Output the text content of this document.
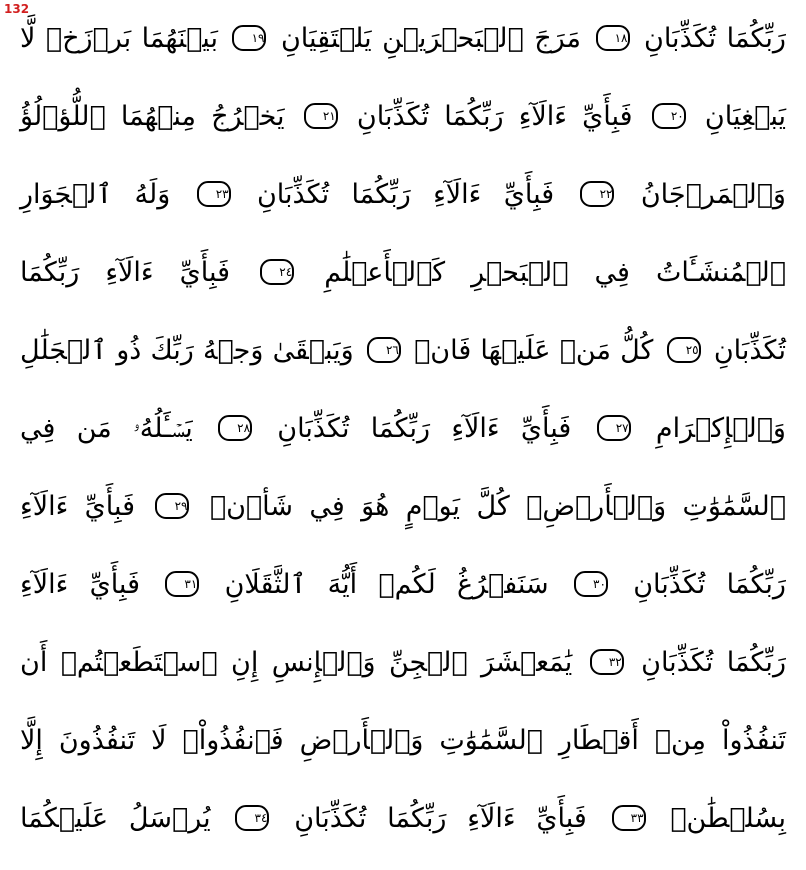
132
رَبِّكُمَا تُكَذِّبَانِ ١٨ مَرَجَ ٱلۡبَحۡرَيۡنِ يَلۡتَقِيَانِ ١٩ بَيۡنَهُمَا بَرۡزَخٞ لَّا
يَبۡغِيَانِ ٢٠ فَبِأَيِّ ءَالَآءِ رَبِّكُمَا تُكَذِّبَانِ ٢١ يَخۡرُجُ مِنۡهُمَا ٱللُّؤۡلُؤُ
وَٱلۡمَرۡجَانُ ٢٢ فَبِأَيِّ ءَالَآءِ رَبِّكُمَا تُكَذِّبَانِ ٢٣ وَلَهُ ٱلۡجَوَارِ
ٱلۡمُنشَـَٔاتُ فِي ٱلۡبَحۡرِ كَٱلۡأَعۡلَٰمِ ٢٤ فَبِأَيِّ ءَالَآءِ رَبِّكُمَا
تُكَذِّبَانِ ٢٥ كُلُّ مَنۡ عَلَيۡهَا فَانٖ ٢٦ وَيَبۡقَىٰ وَجۡهُ رَبِّكَ ذُو ٱلۡجَلَٰلِ
وَٱلۡإِكۡرَامِ ٢٧ فَبِأَيِّ ءَالَآءِ رَبِّكُمَا تُكَذِّبَانِ ٢٨ يَسۡـَٔلُهُۥ مَن فِي
ٱلسَّمَٰوَٰتِ وَٱلۡأَرۡضِۚ كُلَّ يَوۡمٍ هُوَ فِي شَأۡنٖ ٢٩ فَبِأَيِّ ءَالَآءِ
رَبِّكُمَا تُكَذِّبَانِ ٣٠ سَنَفۡرُغُ لَكُمۡ أَيُّهَ ٱلثَّقَلَانِ ٣١ فَبِأَيِّ ءَالَآءِ
رَبِّكُمَا تُكَذِّبَانِ ٣٢ يَٰمَعۡشَرَ ٱلۡجِنِّ وَٱلۡإِنسِ إِنِ ٱسۡتَطَعۡتُمۡ أَن
تَنفُذُواْ مِنۡ أَقۡطَارِ ٱلسَّمَٰوَٰتِ وَٱلۡأَرۡضِ فَٱنفُذُواْۚ لَا تَنفُذُونَ إِلَّا
بِسُلۡطَٰنٖ ٣٣ فَبِأَيِّ ءَالَآءِ رَبِّكُمَا تُكَذِّبَانِ ٣٤ يُرۡسَلُ عَلَيۡكُمَا
